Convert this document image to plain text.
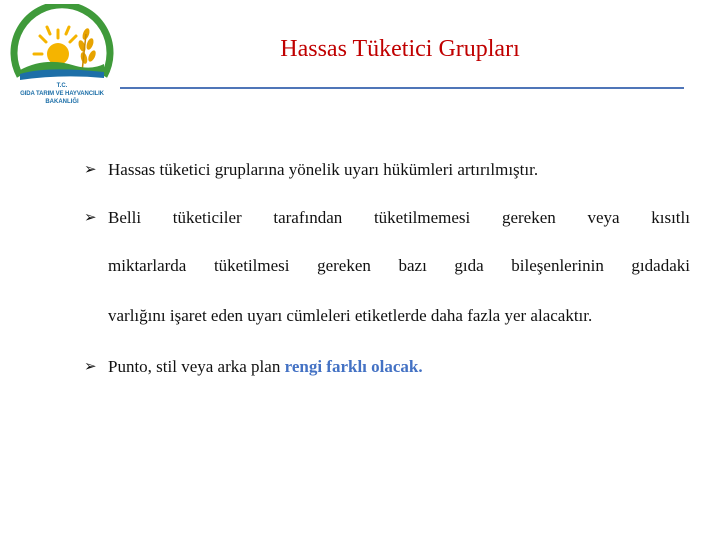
T.C.
GIDA TARIM VE HAYVANCILIK
BAKANLIĞI
Hassas Tüketici Grupları
➢ Hassas tüketici gruplarına yönelik uyarı hükümleri artırılmıştır.
➢ Belli tüketiciler tarafından tüketilmemesi gereken veya kısıtlı
miktarlarda tüketilmesi gereken bazı gıda bileşenlerinin gıdadaki
varlığını işaret eden uyarı cümleleri etiketlerde daha fazla yer alacaktır.
➢ Punto, stil veya arka plan rengi farklı olacak.
